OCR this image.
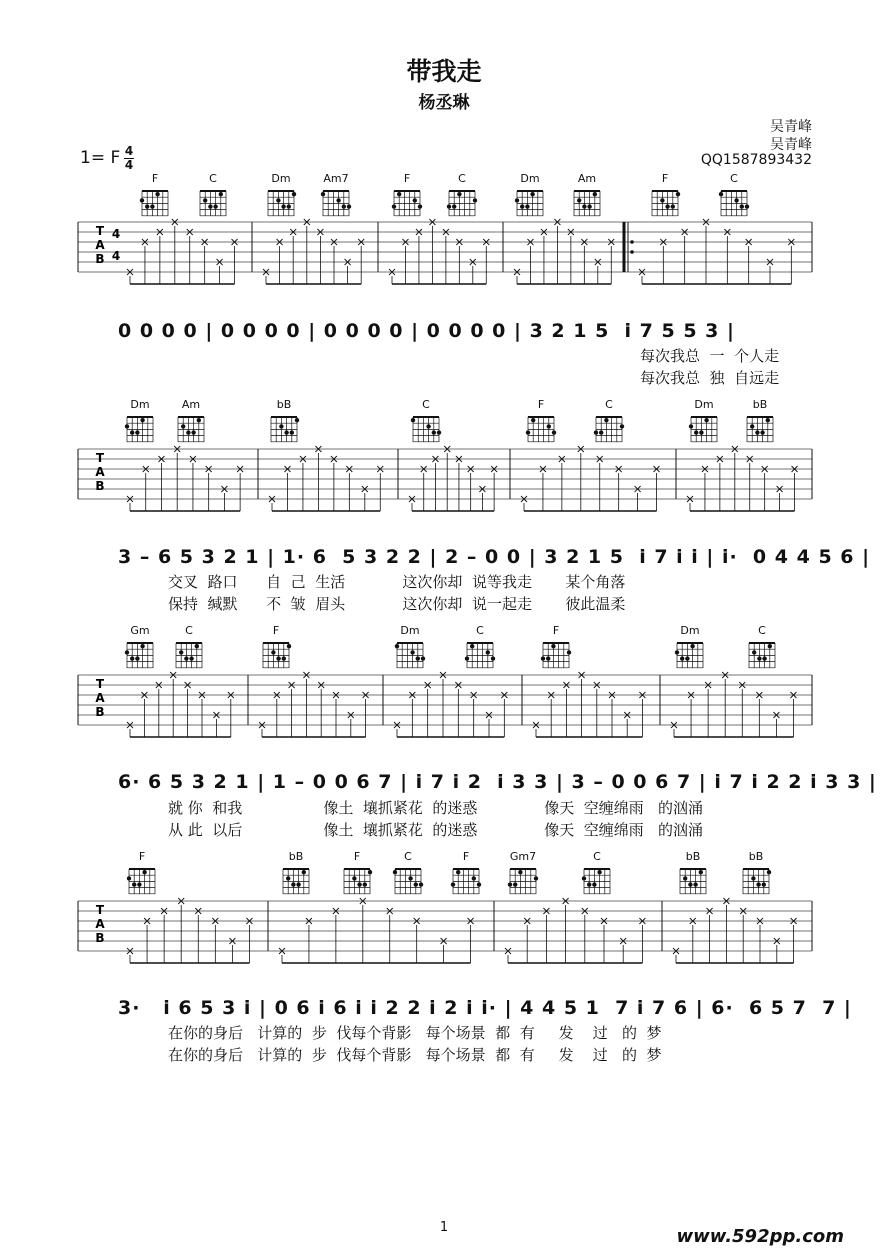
带我走
杨丞琳
吴青峰
吴青峰
QQ1587893432
1= F 4
4
F	C	Dm	Am7	F	C	Dm	Am	F	C
T
A
B
4
4
0 0 0 0 | 0 0 0 0 | 0 0 0 0 | 0 0 0 0 | 3 2 1 5  i 7 5 5 3 |
每次我总  一  个人走
每次我总  独  自远走
Dm	Am	bB	C	F	C	Dm	bB
T
A
B
3 – 6 5 3 2 1 | 1· 6  5 3 2 2 | 2 – 0 0 | 3 2 1 5  i 7 i i | i·  0 4 4 5 6 |
交叉  路口      自  己  生活            这次你却  说等我走       某个角落
保持  缄默      不  皱  眉头            这次你却  说一起走       彼此温柔
Gm	C	F	Dm	C	F	Dm	C
T
A
B
6· 6 5 3 2 1 | 1 – 0 0 6 7 | i 7 i 2  i 3 3 | 3 – 0 0 6 7 | i 7 i 2 2 i 3 3 |
就 你  和我                 像土  壤抓紧花  的迷惑              像天  空缠绵雨   的汹涌
从 此  以后                 像土  壤抓紧花  的迷惑              像天  空缠绵雨   的汹涌
F	bB	F	C	F	Gm7	C	bB	bB
T
A
B
3·   i 6 5 3 i | 0 6 i 6 i i 2 2 i 2 i i· | 4 4 5 1  7 i 7 6 | 6·  6 5 7  7 |
在你的身后   计算的  步  伐每个背影   每个场景  都  有     发    过   的  梦
在你的身后   计算的  步  伐每个背影   每个场景  都  有     发    过   的  梦
1	www.592pp.com
